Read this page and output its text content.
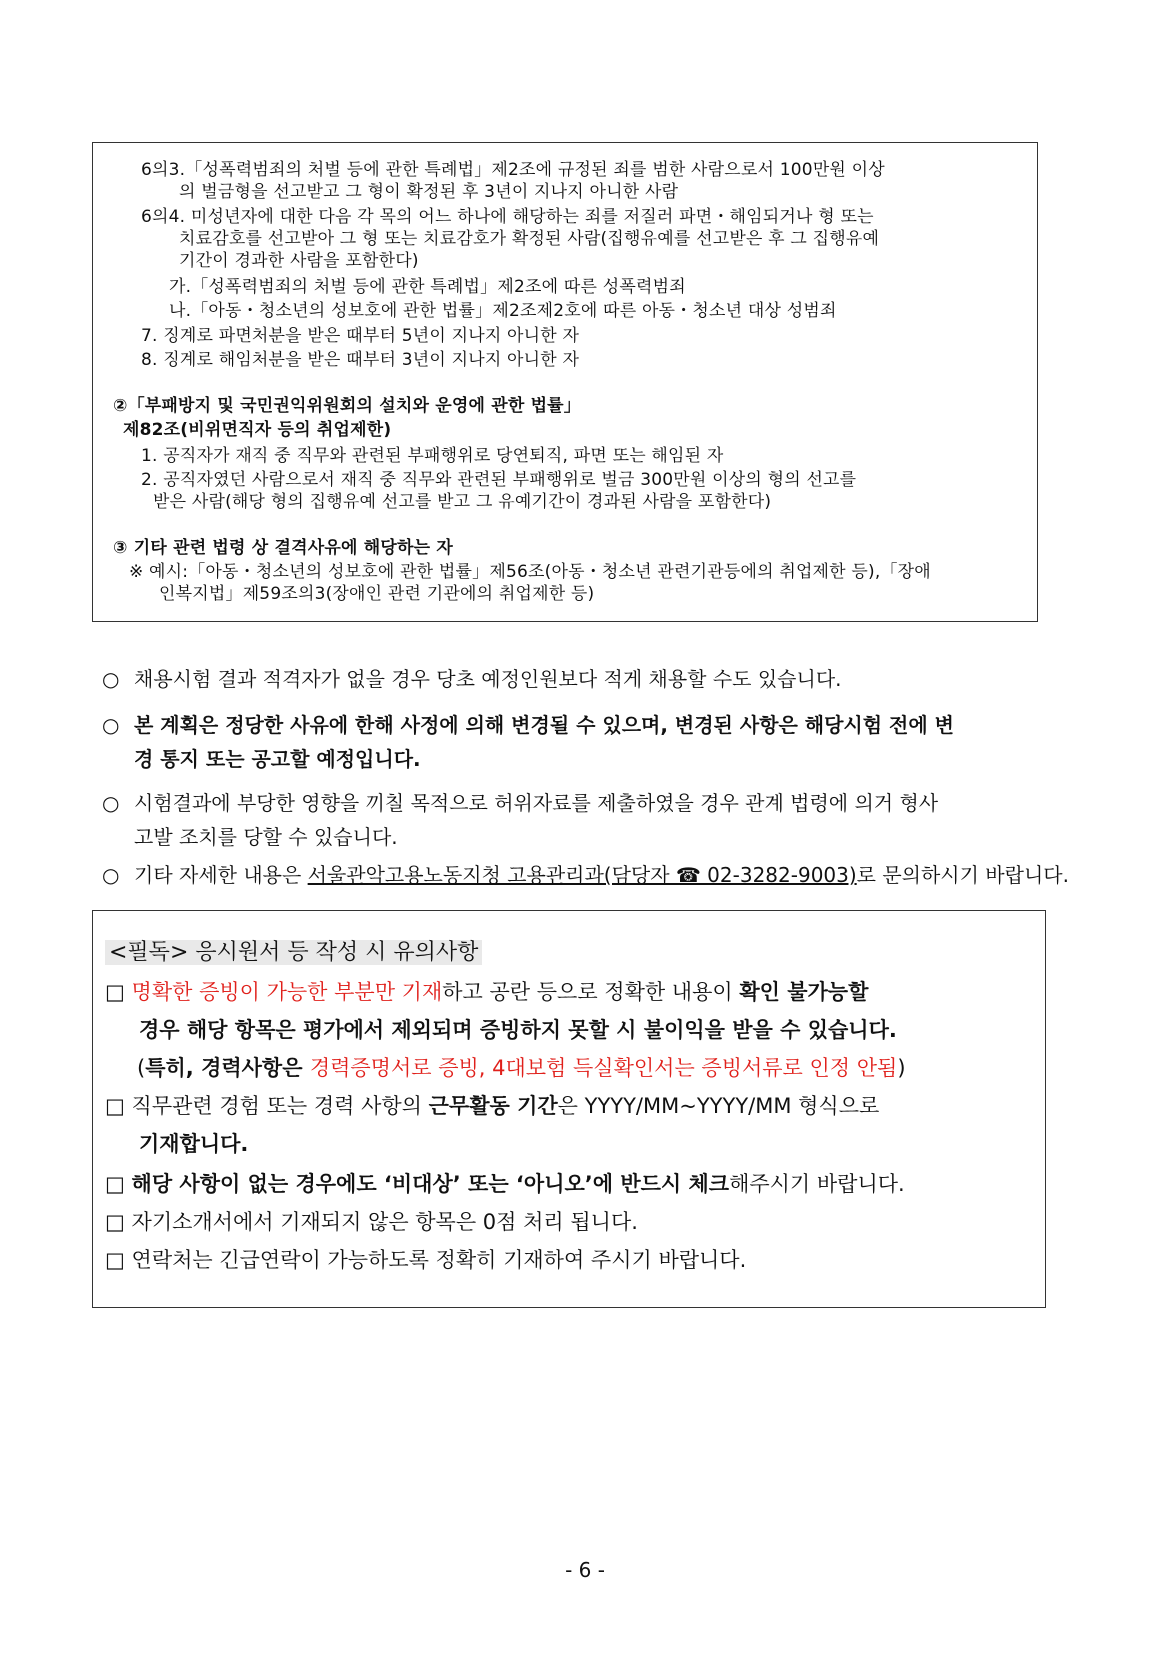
6의3.「성폭력범죄의 처벌 등에 관한 특례법」제2조에 규정된 죄를 범한 사람으로서 100만원 이상
의 벌금형을 선고받고 그 형이 확정된 후 3년이 지나지 아니한 사람
6의4. 미성년자에 대한 다음 각 목의 어느 하나에 해당하는 죄를 저질러 파면・해임되거나 형 또는
치료감호를 선고받아 그 형 또는 치료감호가 확정된 사람(집행유예를 선고받은 후 그 집행유예
기간이 경과한 사람을 포함한다)
가.「성폭력범죄의 처벌 등에 관한 특례법」제2조에 따른 성폭력범죄
나.「아동・청소년의 성보호에 관한 법률」제2조제2호에 따른 아동・청소년 대상 성범죄
7. 징계로 파면처분을 받은 때부터 5년이 지나지 아니한 자
8. 징계로 해임처분을 받은 때부터 3년이 지나지 아니한 자
②「부패방지 및 국민권익위원회의 설치와 운영에 관한 법률」
제82조(비위면직자 등의 취업제한)
1. 공직자가 재직 중 직무와 관련된 부패행위로 당연퇴직, 파면 또는 해임된 자
2. 공직자였던 사람으로서 재직 중 직무와 관련된 부패행위로 벌금 300만원 이상의 형의 선고를
받은 사람(해당 형의 집행유예 선고를 받고 그 유예기간이 경과된 사람을 포함한다)
③ 기타 관련 법령 상 결격사유에 해당하는 자
※ 예시:「아동・청소년의 성보호에 관한 법률」제56조(아동・청소년 관련기관등에의 취업제한 등),「장애
인복지법」제59조의3(장애인 관련 기관에의 취업제한 등)
○ 채용시험 결과 적격자가 없을 경우 당초 예정인원보다 적게 채용할 수도 있습니다.
○ 본 계획은 정당한 사유에 한해 사정에 의해 변경될 수 있으며, 변경된 사항은 해당시험 전에 변
경 통지 또는 공고할 예정입니다.
○ 시험결과에 부당한 영향을 끼칠 목적으로 허위자료를 제출하였을 경우 관계 법령에 의거 형사
고발 조치를 당할 수 있습니다.
○ 기타 자세한 내용은 서울관악고용노동지청 고용관리과(담당자 ☎ 02-3282-9003)로 문의하시기 바랍니다.
<필독> 응시원서 등 작성 시 유의사항
□ 명확한 증빙이 가능한 부분만 기재하고 공란 등으로 정확한 내용이 확인 불가능할
경우 해당 항목은 평가에서 제외되며 증빙하지 못할 시 불이익을 받을 수 있습니다.
(특히, 경력사항은 경력증명서로 증빙, 4대보험 득실확인서는 증빙서류로 인정 안됨)
□ 직무관련 경험 또는 경력 사항의 근무활동 기간은 YYYY/MM~YYYY/MM 형식으로
기재합니다.
□ 해당 사항이 없는 경우에도 ‘비대상’ 또는 ‘아니오’에 반드시 체크해주시기 바랍니다.
□ 자기소개서에서 기재되지 않은 항목은 0점 처리 됩니다.
□ 연락처는 긴급연락이 가능하도록 정확히 기재하여 주시기 바랍니다.
- 6 -
